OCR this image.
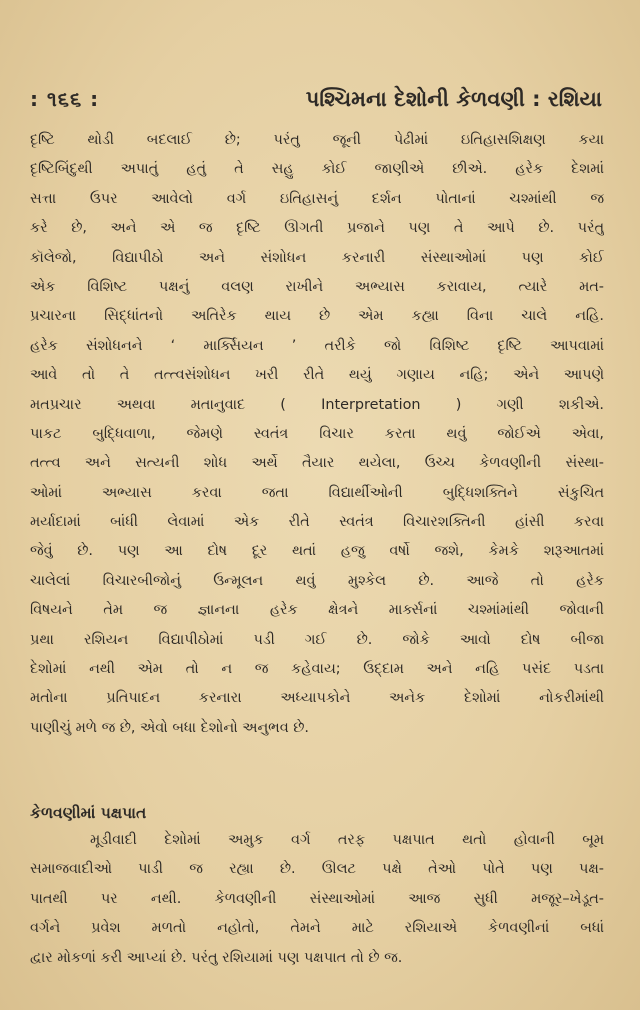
: ૧૬૬ :	પશ્ચિમના દેશોની કેળવણી : રશિયા
દૃષ્ટિ થોડી બદલાઈ છે; પરંતુ જૂની પેઢીમાં ઇતિહાસશિક્ષણ કયા
દૃષ્ટિબિંદુથી અપાતું હતું તે સહુ કોઈ જાણીએ છીએ. હરેક દેશમાં
સત્તા ઉપર આવેલો વર્ગ ઇતિહાસનું દર્શન પોતાનાં ચશ્માંથી જ
કરે છે, અને એ જ દૃષ્ટિ ઊગતી પ્રજાને પણ તે આપે છે. પરંતુ
કૉલેજો, વિદ્યાપીઠો અને સંશોધન કરનારી સંસ્થાઓમાં પણ કોઈ
એક વિશિષ્ટ પક્ષનું વલણ રાખીને અભ્યાસ કરાવાય, ત્યારે મત-
પ્રચારના સિદ્ધાંતનો અતિરેક થાય છે એમ કહ્યા વિના ચાલે નહિ.
હરેક સંશોધનને ‘ માર્ક્સિયન ’ તરીકે જો વિશિષ્ટ દૃષ્ટિ આપવામાં
આવે તો તે તત્ત્વસંશોધન ખરી રીતે થયું ગણાય નહિ; એને આપણે
મતપ્રચાર અથવા મતાનુવાદ ( Interpretation ) ગણી શકીએ.
પાકટ બુદ્ધિવાળા, જેમણે સ્વતંત્ર વિચાર કરતા થવું જોઈએ એવા,
તત્ત્વ અને સત્યની શોધ અર્થે તૈયાર થયેલા, ઉચ્ચ કેળવણીની સંસ્થા-
ઓમાં અભ્યાસ કરવા જતા વિદ્યાર્થીઓની બુદ્ધિશક્તિને સંકુચિત
મર્યાદામાં બાંધી લેવામાં એક રીતે સ્વતંત્ર વિચારશક્તિની હાંસી કરવા
જેવું છે. પણ આ દોષ દૂર થતાં હજુ વર્ષો જશે, કેમકે શરૂઆતમાં
ચાલેલાં વિચારબીજોનું ઉન્મૂલન થવું મુશ્કેલ છે. આજે તો હરેક
વિષયને તેમ જ જ્ઞાનના હરેક ક્ષેત્રને માર્ક્સનાં ચશ્માંમાંથી જોવાની
પ્રથા રશિયન વિદ્યાપીઠોમાં પડી ગઈ છે. જોકે આવો દોષ બીજા
દેશોમાં નથી એમ તો ન જ કહેવાય; ઉદ્દામ અને નહિ પસંદ પડતા
મતોના પ્રતિપાદન કરનારા અધ્યાપકોને અનેક દેશોમાં નોકરીમાંથી
પાણીચું મળે જ છે, એવો બધા દેશોનો અનુભવ છે.
કેળવણીમાં પક્ષપાત
મૂડીવાદી દેશોમાં અમુક વર્ગ તરફ પક્ષપાત થતો હોવાની બૂમ
સમાજવાદીઓ પાડી જ રહ્યા છે. ઊલટ પક્ષે તેઓ પોતે પણ પક્ષ-
પાતથી પર નથી. કેળવણીની સંસ્થાઓમાં આજ સુધી મજૂર–ખેડૂત-
વર્ગને પ્રવેશ મળતો નહોતો, તેમને માટે રશિયાએ કેળવણીનાં બધાં
દ્વાર મોકળાં કરી આપ્યાં છે. પરંતુ રશિયામાં પણ પક્ષપાત તો છે જ.
